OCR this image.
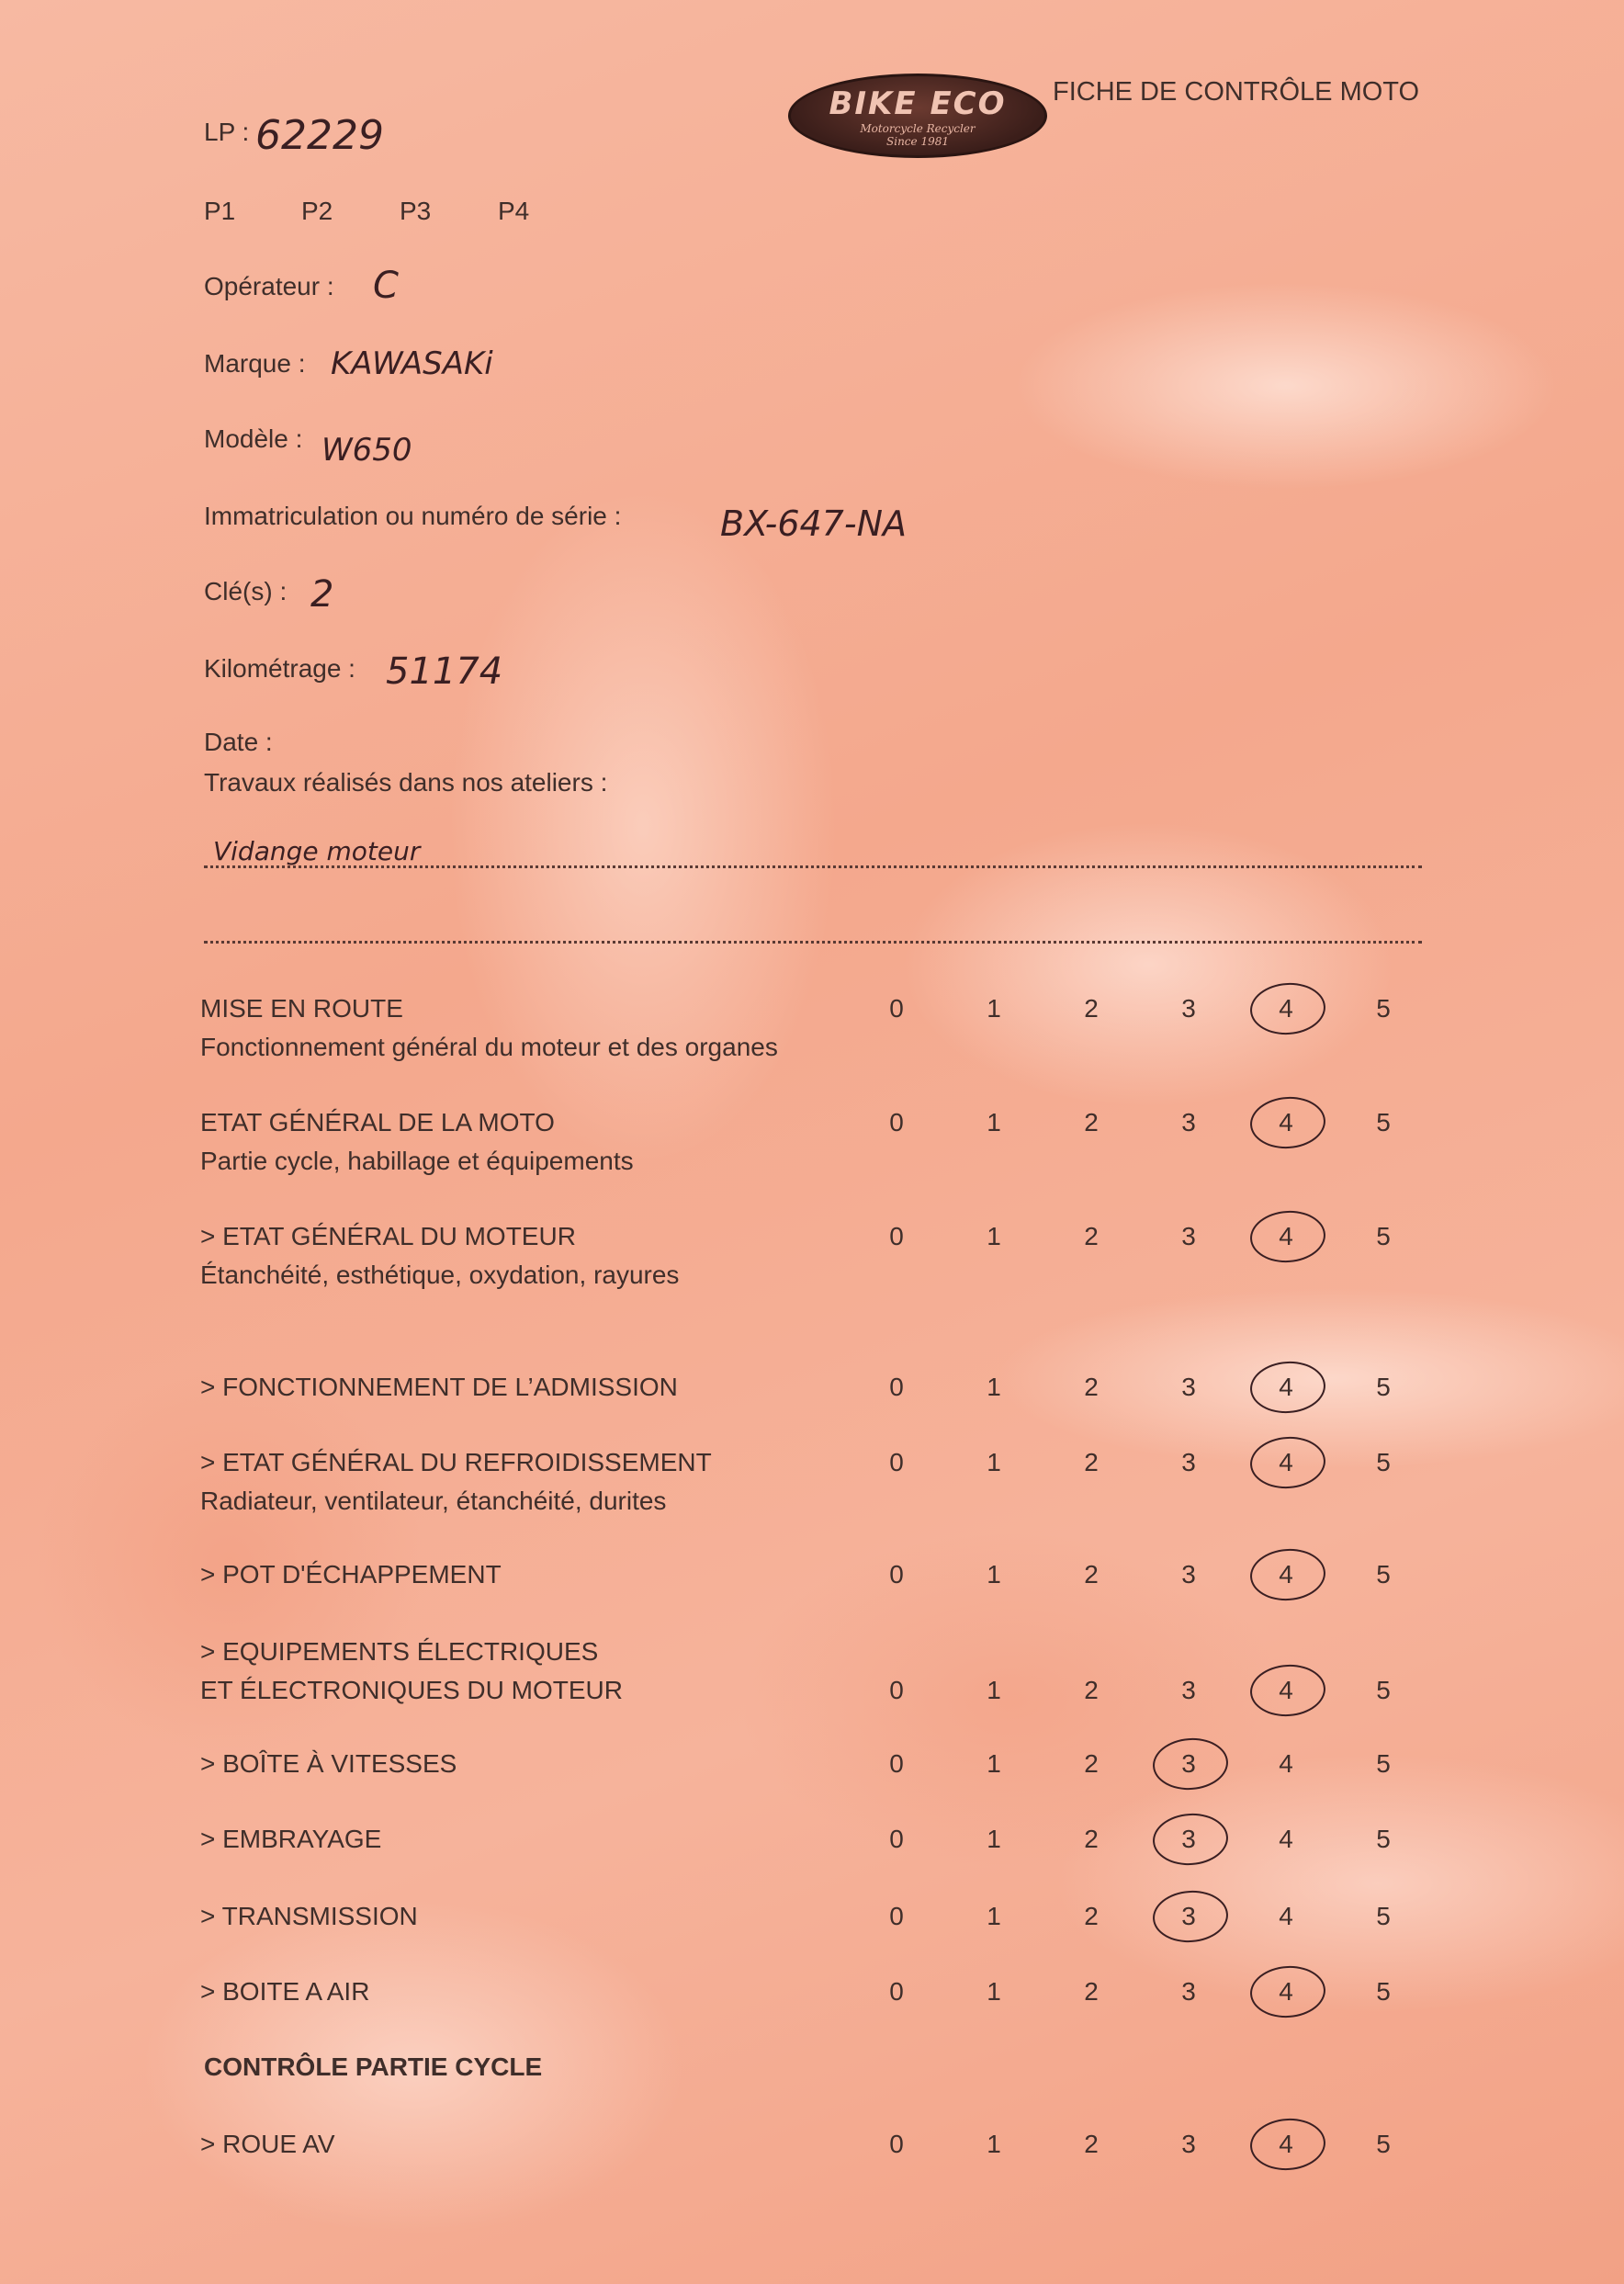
BIKE ECO
Motorcycle Recycler
Since 1981
FICHE DE CONTRÔLE MOTO
LP : 62229
P1	P2	P3	P4
Opérateur : C
Marque : KAWASAKi
Modèle : W650
Immatriculation ou numéro de série :	BX-647-NA
Clé(s) : 2
Kilométrage : 51174
Date :
Travaux réalisés dans nos ateliers :
Vidange moteur
MISE EN ROUTE
Fonctionnement général du moteur et des organes
0	1	2	3	4	5
ETAT GÉNÉRAL DE LA MOTO
Partie cycle, habillage et équipements
0	1	2	3	4	5
> ETAT GÉNÉRAL DU MOTEUR
Étanchéité, esthétique, oxydation, rayures
0	1	2	3	4	5
> FONCTIONNEMENT DE L’ADMISSION	0	1	2	3	4	5
> ETAT GÉNÉRAL DU REFROIDISSEMENT
Radiateur, ventilateur, étanchéité, durites
0	1	2	3	4	5
> POT D'ÉCHAPPEMENT	0	1	2	3	4	5
> EQUIPEMENTS ÉLECTRIQUES
ET ÉLECTRONIQUES DU MOTEUR	0	1	2	3	4	5
> BOÎTE À VITESSES	0	1	2	3	4	5
> EMBRAYAGE	0	1	2	3	4	5
> TRANSMISSION	0	1	2	3	4	5
> BOITE A AIR	0	1	2	3	4	5
CONTRÔLE PARTIE CYCLE
> ROUE AV	0	1	2	3	4	5
